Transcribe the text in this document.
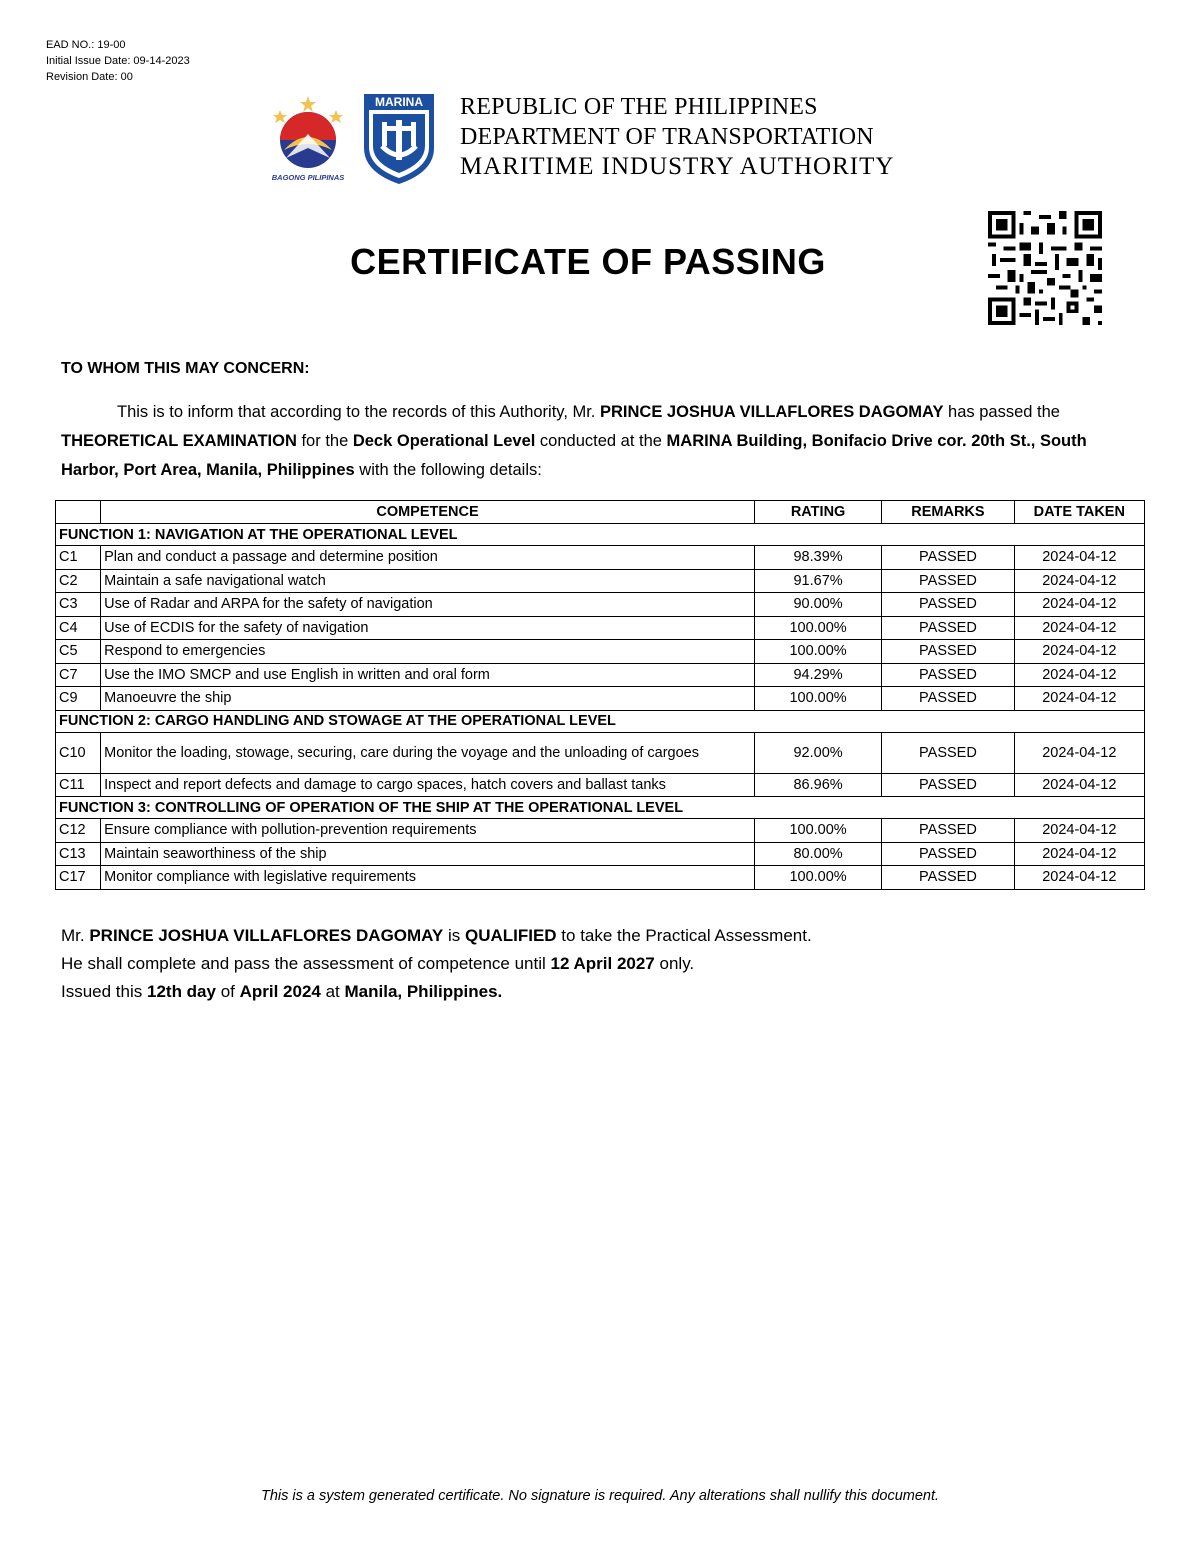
EAD NO.: 19-00
Initial Issue Date: 09-14-2023
Revision Date: 00
BAGONG PILIPINAS
MARINA REPUBLIC OF THE PHILIPPINES
DEPARTMENT OF TRANSPORTATION
MARITIME INDUSTRY AUTHORITY
CERTIFICATE OF PASSING
TO WHOM THIS MAY CONCERN:
This is to inform that according to the records of this Authority, Mr. PRINCE JOSHUA VILLAFLORES DAGOMAY has passed the THEORETICAL EXAMINATION for the Deck Operational Level conducted at the MARINA Building, Bonifacio Drive cor. 20th St., South Harbor, Port Area, Manila, Philippines with the following details:
	COMPETENCE	RATING	REMARKS	DATE TAKEN
FUNCTION 1: NAVIGATION AT THE OPERATIONAL LEVEL				
C1	Plan and conduct a passage and determine position	98.39%	PASSED	2024-04-12
C2	Maintain a safe navigational watch	91.67%	PASSED	2024-04-12
C3	Use of Radar and ARPA for the safety of navigation	90.00%	PASSED	2024-04-12
C4	Use of ECDIS for the safety of navigation	100.00%	PASSED	2024-04-12
C5	Respond to emergencies	100.00%	PASSED	2024-04-12
C7	Use the IMO SMCP and use English in written and oral form	94.29%	PASSED	2024-04-12
C9	Manoeuvre the ship	100.00%	PASSED	2024-04-12
FUNCTION 2: CARGO HANDLING AND STOWAGE AT THE OPERATIONAL LEVEL				
C10	Monitor the loading, stowage, securing, care during the voyage and the unloading of cargoes	92.00%	PASSED	2024-04-12
C11	Inspect and report defects and damage to cargo spaces, hatch covers and ballast tanks	86.96%	PASSED	2024-04-12
FUNCTION 3: CONTROLLING OF OPERATION OF THE SHIP AT THE OPERATIONAL LEVEL				
C12	Ensure compliance with pollution-prevention requirements	100.00%	PASSED	2024-04-12
C13	Maintain seaworthiness of the ship	80.00%	PASSED	2024-04-12
C17	Monitor compliance with legislative requirements	100.00%	PASSED	2024-04-12
Mr. PRINCE JOSHUA VILLAFLORES DAGOMAY is QUALIFIED to take the Practical Assessment.
He shall complete and pass the assessment of competence until 12 April 2027 only.
Issued this 12th day of April 2024 at Manila, Philippines.
This is a system generated certificate. No signature is required. Any alterations shall nullify this document.
